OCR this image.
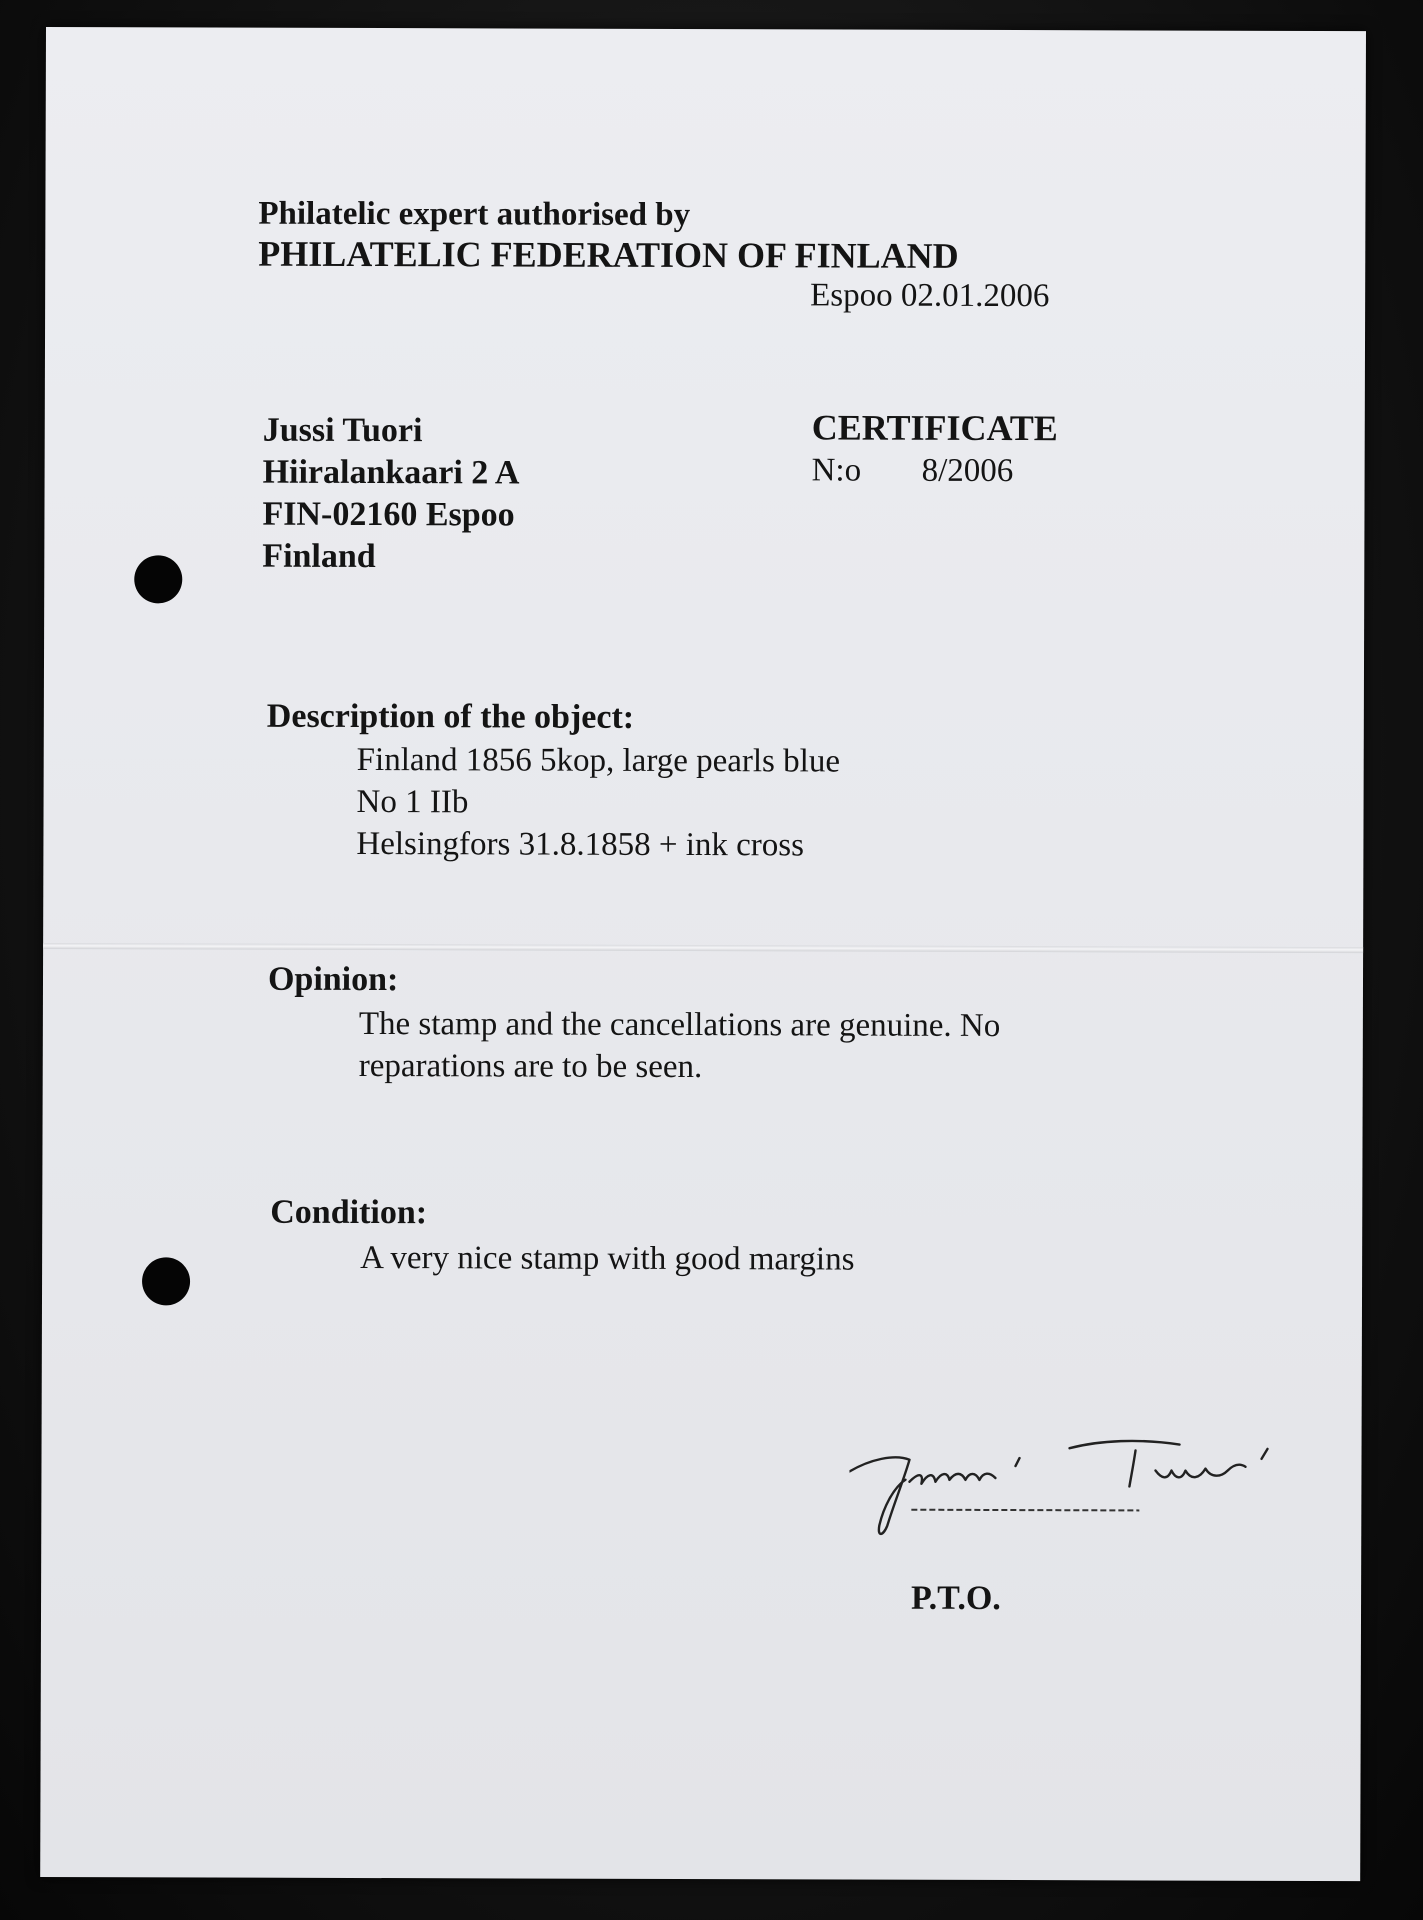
Philatelic expert authorised by
PHILATELIC FEDERATION OF FINLAND
Espoo 02.01.2006
Jussi Tuori
Hiiralankaari 2 A
FIN-02160 Espoo
Finland
CERTIFICATE
N:o 8/2006
Description of the object:
Finland 1856 5kop, large pearls blue
No 1 IIb
Helsingfors 31.8.1858 + ink cross
Opinion:
The stamp and the cancellations are genuine. No
reparations are to be seen.
Condition:
A very nice stamp with good margins
P.T.O.
